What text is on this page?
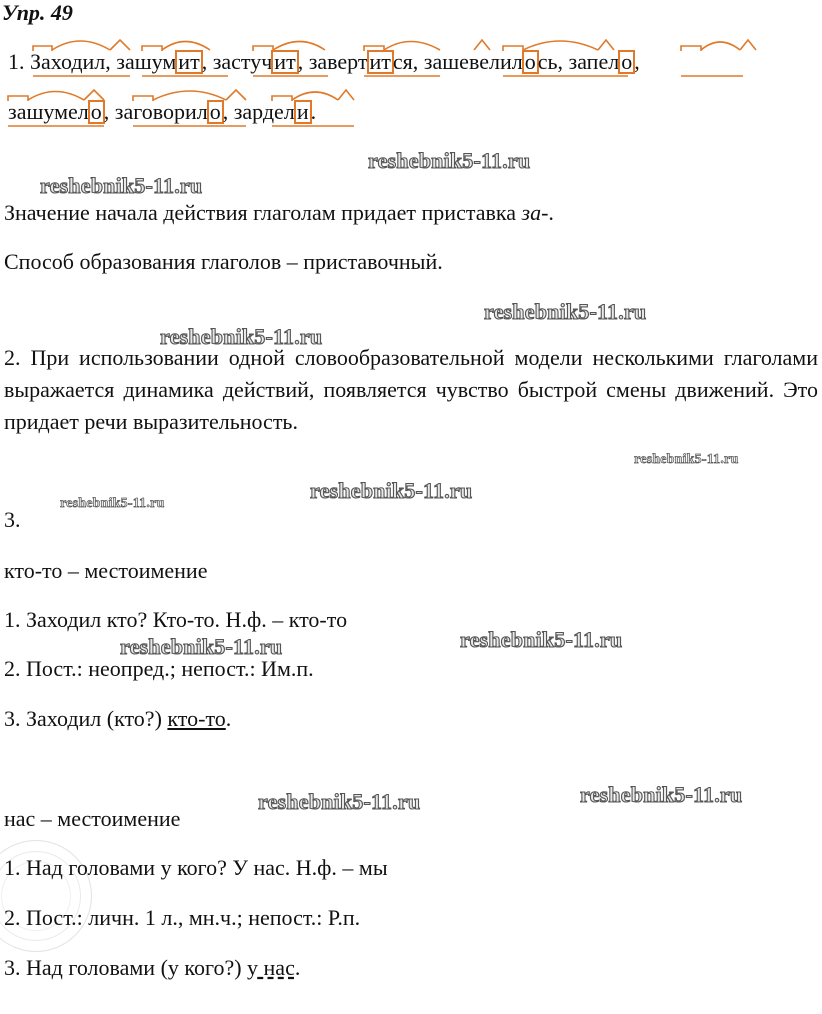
Упр. 49
1. Заходил, зашумит, застучит, завертится, зашевелилось, запело,
зашумело, заговорило, зардели.
Значение начала действия глаголам придает приставка за-.
Способ образования глаголов – приставочный.
2. При использовании одной словообразовательной модели несколькими глаголами выражается динамика действий, появляется чувство быстрой смены движений. Это придает речи выразительность.
3.
кто-то – местоимение
1. Заходил кто? Кто-то. Н.ф. – кто-то
2. Пост.: неопред.; непост.: Им.п.
3. Заходил (кто?) кто-то.
нас – местоимение
1. Над головами у кого? У нас. Н.ф. – мы
2. Пост.: личн. 1 л., мн.ч.; непост.: Р.п.
3. Над головами (у кого?) у нас.
reshebnik5-11.ru
reshebnik5-11.ru
reshebnik5-11.ru
reshebnik5-11.ru
reshebnik5-11.ru
reshebnik5-11.ru
reshebnik5-11.ru
reshebnik5-11.ru
reshebnik5-11.ru
reshebnik5-11.ru
reshebnik5-11.ru
